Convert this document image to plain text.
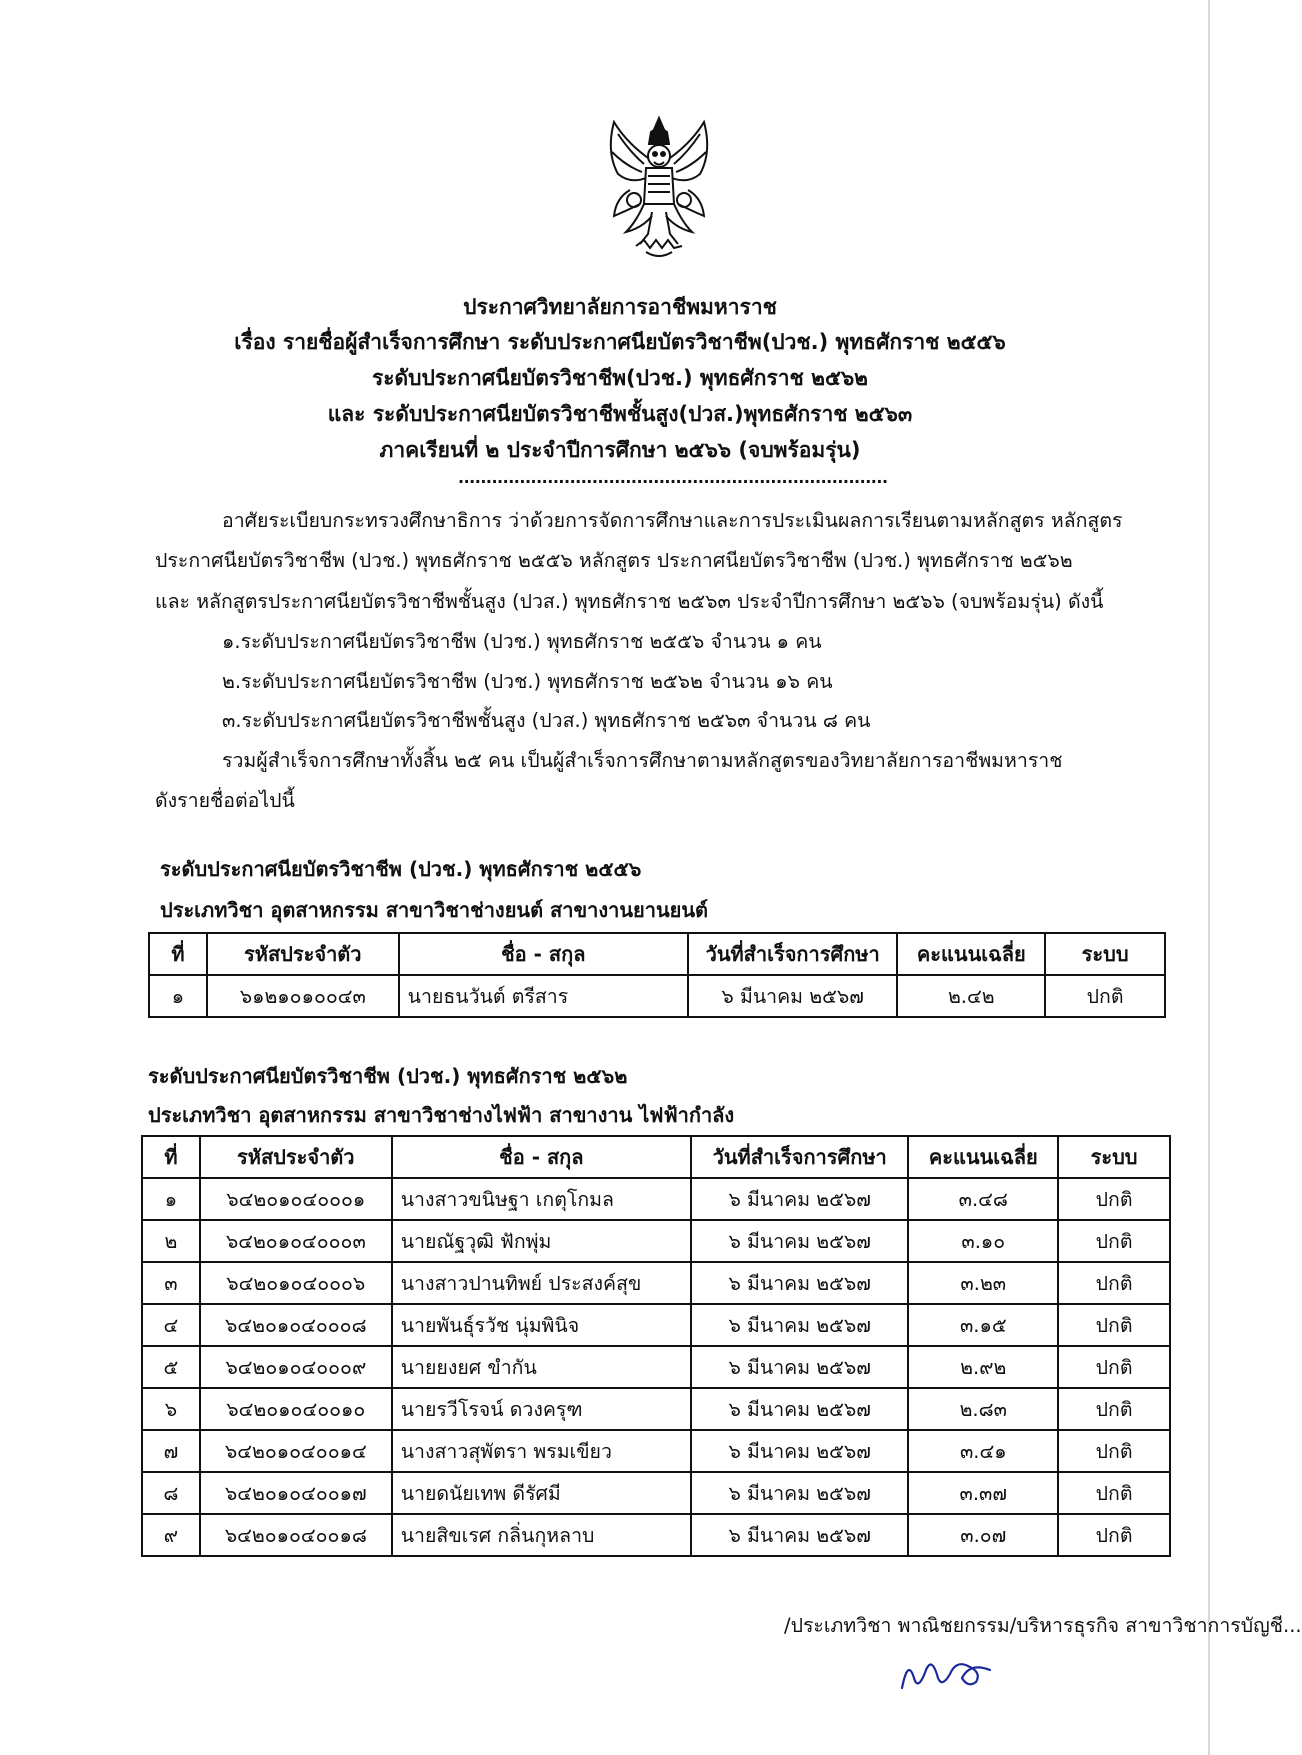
ประกาศวิทยาลัยการอาชีพมหาราช
เรื่อง รายชื่อผู้สำเร็จการศึกษา ระดับประกาศนียบัตรวิชาชีพ(ปวช.) พุทธศักราช ๒๕๕๖
ระดับประกาศนียบัตรวิชาชีพ(ปวช.) พุทธศักราช ๒๕๖๒
และ ระดับประกาศนียบัตรวิชาชีพชั้นสูง(ปวส.)พุทธศักราช ๒๕๖๓
ภาคเรียนที่ ๒ ประจำปีการศึกษา ๒๕๖๖ (จบพร้อมรุ่น)
.............................................................................
อาศัยระเบียบกระทรวงศึกษาธิการ ว่าด้วยการจัดการศึกษาและการประเมินผลการเรียนตามหลักสูตร หลักสูตร
ประกาศนียบัตรวิชาชีพ (ปวช.) พุทธศักราช ๒๕๕๖ หลักสูตร ประกาศนียบัตรวิชาชีพ (ปวช.) พุทธศักราช ๒๕๖๒
และ หลักสูตรประกาศนียบัตรวิชาชีพชั้นสูง (ปวส.) พุทธศักราช ๒๕๖๓ ประจำปีการศึกษา ๒๕๖๖ (จบพร้อมรุ่น) ดังนี้
๑.ระดับประกาศนียบัตรวิชาชีพ (ปวช.) พุทธศักราช ๒๕๕๖ จำนวน ๑ คน
๒.ระดับประกาศนียบัตรวิชาชีพ (ปวช.) พุทธศักราช ๒๕๖๒ จำนวน ๑๖ คน
๓.ระดับประกาศนียบัตรวิชาชีพชั้นสูง (ปวส.) พุทธศักราช ๒๕๖๓ จำนวน ๘ คน
รวมผู้สำเร็จการศึกษาทั้งสิ้น ๒๕ คน เป็นผู้สำเร็จการศึกษาตามหลักสูตรของวิทยาลัยการอาชีพมหาราช
ดังรายชื่อต่อไปนี้
ระดับประกาศนียบัตรวิชาชีพ (ปวช.) พุทธศักราช ๒๕๕๖
ประเภทวิชา อุตสาหกรรม สาขาวิชาช่างยนต์ สาขางานยานยนต์
ที่	รหัสประจำตัว	ชื่อ - สกุล	วันที่สำเร็จการศึกษา	คะแนนเฉลี่ย	ระบบ
๑	๖๑๒๑๐๑๐๐๔๓	นายธนวันต์ ตรีสาร	๖ มีนาคม ๒๕๖๗	๒.๔๒	ปกติ
ระดับประกาศนียบัตรวิชาชีพ (ปวช.) พุทธศักราช ๒๕๖๒
ประเภทวิชา อุตสาหกรรม สาขาวิชาช่างไฟฟ้า สาขางาน ไฟฟ้ากำลัง
ที่	รหัสประจำตัว	ชื่อ - สกุล	วันที่สำเร็จการศึกษา	คะแนนเฉลี่ย	ระบบ
๑	๖๔๒๐๑๐๔๐๐๐๑	นางสาวขนิษฐา เกตุโกมล	๖ มีนาคม ๒๕๖๗	๓.๔๘	ปกติ
๒	๖๔๒๐๑๐๔๐๐๐๓	นายณัฐวุฒิ ฟักพุ่ม	๖ มีนาคม ๒๕๖๗	๓.๑๐	ปกติ
๓	๖๔๒๐๑๐๔๐๐๐๖	นางสาวปานทิพย์ ประสงค์สุข	๖ มีนาคม ๒๕๖๗	๓.๒๓	ปกติ
๔	๖๔๒๐๑๐๔๐๐๐๘	นายพันธุ์รวัช นุ่มพินิจ	๖ มีนาคม ๒๕๖๗	๓.๑๕	ปกติ
๕	๖๔๒๐๑๐๔๐๐๐๙	นายยงยศ ขำกัน	๖ มีนาคม ๒๕๖๗	๒.๙๒	ปกติ
๖	๖๔๒๐๑๐๔๐๐๑๐	นายรวีโรจน์ ดวงครุฑ	๖ มีนาคม ๒๕๖๗	๒.๘๓	ปกติ
๗	๖๔๒๐๑๐๔๐๐๑๔	นางสาวสุพัตรา พรมเขียว	๖ มีนาคม ๒๕๖๗	๓.๔๑	ปกติ
๘	๖๔๒๐๑๐๔๐๐๑๗	นายดนัยเทพ ดีรัศมี	๖ มีนาคม ๒๕๖๗	๓.๓๗	ปกติ
๙	๖๔๒๐๑๐๔๐๐๑๘	นายสิขเรศ กลิ่นกุหลาบ	๖ มีนาคม ๒๕๖๗	๓.๐๗	ปกติ
/ประเภทวิชา พาณิชยกรรม/บริหารธุรกิจ สาขาวิชาการบัญชี...
